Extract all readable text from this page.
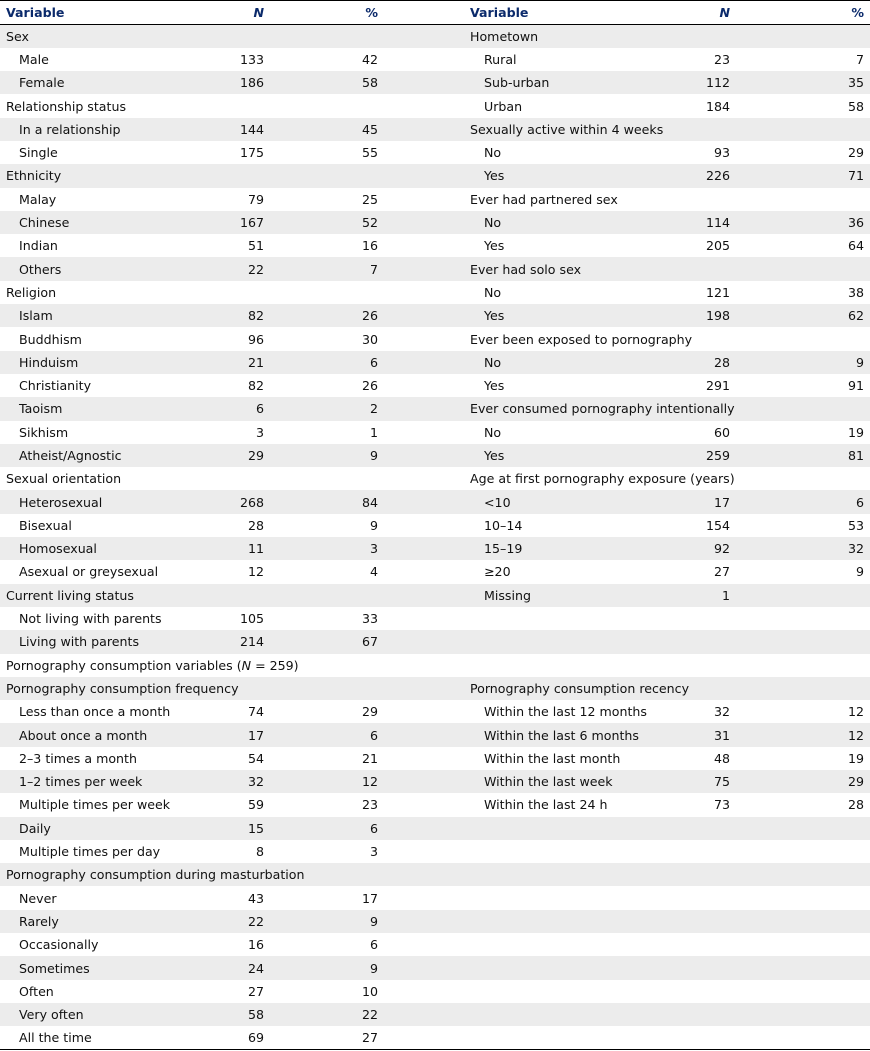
Variable	N	%		Variable	N	%
Sex				Hometown		
Male	133	42		Rural	23	7
Female	186	58		Sub-urban	112	35
Relationship status				Urban	184	58
In a relationship	144	45		Sexually active within 4 weeks		
Single	175	55		No	93	29
Ethnicity				Yes	226	71
Malay	79	25		Ever had partnered sex		
Chinese	167	52		No	114	36
Indian	51	16		Yes	205	64
Others	22	7		Ever had solo sex		
Religion				No	121	38
Islam	82	26		Yes	198	62
Buddhism	96	30		Ever been exposed to pornography		
Hinduism	21	6		No	28	9
Christianity	82	26		Yes	291	91
Taoism	6	2		Ever consumed pornography intentionally		
Sikhism	3	1		No	60	19
Atheist/Agnostic	29	9		Yes	259	81
Sexual orientation				Age at first pornography exposure (years)		
Heterosexual	268	84		<10	17	6
Bisexual	28	9		10–14	154	53
Homosexual	11	3		15–19	92	32
Asexual or greysexual	12	4		≥20	27	9
Current living status				Missing	1	
Not living with parents	105	33				
Living with parents	214	67				
Pornography consumption variables (N = 259)						
Pornography consumption frequency				Pornography consumption recency		
Less than once a month	74	29		Within the last 12 months	32	12
About once a month	17	6		Within the last 6 months	31	12
2–3 times a month	54	21		Within the last month	48	19
1–2 times per week	32	12		Within the last week	75	29
Multiple times per week	59	23		Within the last 24 h	73	28
Daily	15	6				
Multiple times per day	8	3				
Pornography consumption during masturbation						
Never	43	17				
Rarely	22	9				
Occasionally	16	6				
Sometimes	24	9				
Often	27	10				
Very often	58	22				
All the time	69	27				
